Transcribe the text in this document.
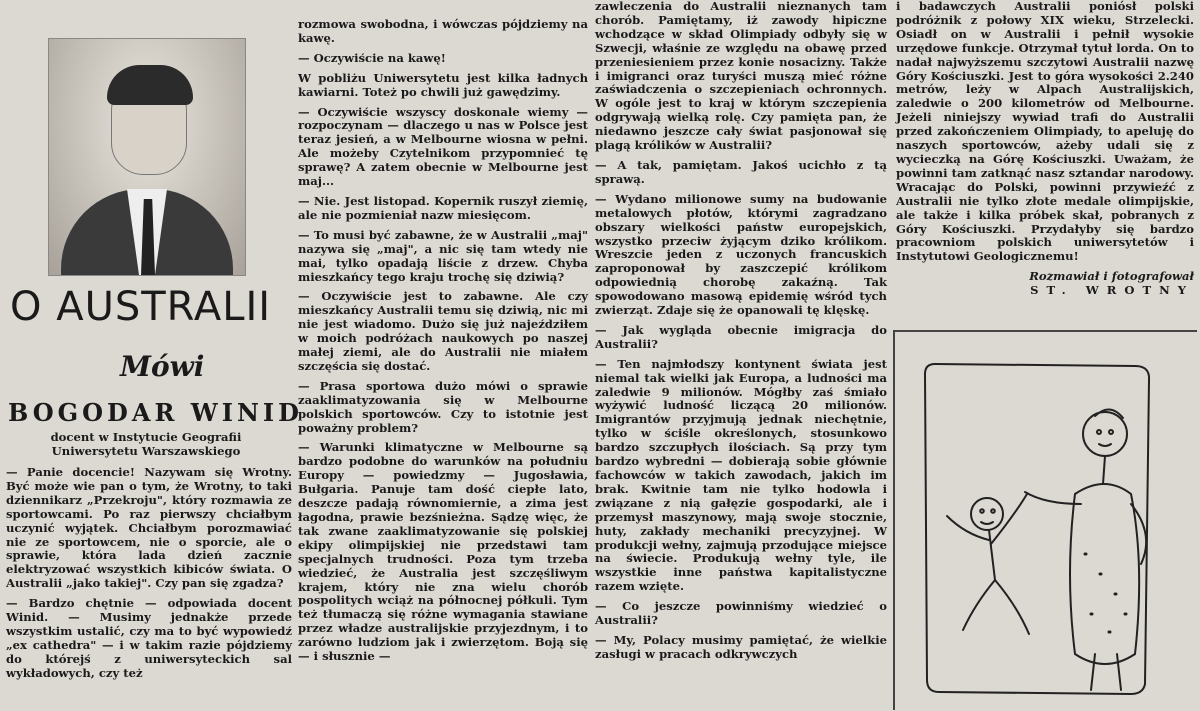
O AUSTRALII
Mówi
BOGODAR WINID
docent w Instytucie Geografii
Uniwersytetu Warszawskiego

— Panie docencie! Nazywam się Wrotny. Być może wie pan o tym, że Wrotny, to taki dziennikarz „Przekroju", który rozmawia ze sportowcami. Po raz pierwszy chciałbym uczynić wyjątek. Chciałbym porozmawiać nie ze sportowcem, nie o sporcie, ale o sprawie, która lada dzień zacznie elektryzować wszystkich kibiców świata. O Australii „jako takiej". Czy pan się zgadza?

— Bardzo chętnie — odpowiada docent Winid. — Musimy jednakże przede wszystkim ustalić, czy ma to być wypowiedź „ex cathedra" — i w takim razie pójdziemy do którejś z uniwersyteckich sal wykładowych, czy też

rozmowa swobodna, i wówczas pójdziemy na kawę.

— Oczywiście na kawę!

W pobliżu Uniwersytetu jest kilka ładnych kawiarni. Toteż po chwili już gawędzimy.

— Oczywiście wszyscy doskonale wiemy — rozpoczynam — dlaczego u nas w Polsce jest teraz jesień, a w Melbourne wiosna w pełni. Ale możeby Czytelnikom przypomnieć tę sprawę? A zatem obecnie w Melbourne jest maj...

— Nie. Jest listopad. Kopernik ruszył ziemię, ale nie pozmieniał nazw miesięcom.

— To musi być zabawne, że w Australii „maj" nazywa się „maj", a nic się tam wtedy nie mai, tylko opadają liście z drzew. Chyba mieszkańcy tego kraju trochę się dziwią?

— Oczywiście jest to zabawne. Ale czy mieszkańcy Australii temu się dziwią, nic mi nie jest wiadomo. Dużo się już najeździłem w moich podróżach naukowych po naszej małej ziemi, ale do Australii nie miałem szczęścia się dostać.

— Prasa sportowa dużo mówi o sprawie zaaklimatyzowania się w Melbourne polskich sportowców. Czy to istotnie jest poważny problem?

— Warunki klimatyczne w Melbourne są bardzo podobne do warunków na południu Europy — powiedzmy — Jugosławia, Bułgaria. Panuje tam dość ciepłe lato, deszcze padają równomiernie, a zima jest łagodna, prawie bezśnieżna. Sądzę więc, że tak zwane zaaklimatyzowanie się polskiej ekipy olimpijskiej nie przedstawi tam specjalnych trudności. Poza tym trzeba wiedzieć, że Australia jest szczęśliwym krajem, który nie zna wielu chorób pospolitych wciąż na północnej półkuli. Tym też tłumaczą się różne wymagania stawiane przez władze australijskie przyjezdnym, i to zarówno ludziom jak i zwierzętom. Boją się — i słusznie —

zawleczenia do Australii nieznanych tam chorób. Pamiętamy, iż zawody hipiczne wchodzące w skład Olimpiady odbyły się w Szwecji, właśnie ze względu na obawę przed przeniesieniem przez konie nosacizny. Także i imigranci oraz turyści muszą mieć różne zaświadczenia o szczepieniach ochronnych. W ogóle jest to kraj w którym szczepienia odgrywają wielką rolę. Czy pamięta pan, że niedawno jeszcze cały świat pasjonował się plagą królików w Australii?

— A tak, pamiętam. Jakoś ucichło z tą sprawą.

— Wydano milionowe sumy na budowanie metalowych płotów, którymi zagradzano obszary wielkości państw europejskich, wszystko przeciw żyjącym dziko królikom. Wreszcie jeden z uczonych francuskich zaproponował by zaszczepić królikom odpowiednią chorobę zakaźną. Tak spowodowano masową epidemię wśród tych zwierząt. Zdaje się że opanowali tę klęskę.

— Jak wygląda obecnie imigracja do Australii?

— Ten najmłodszy kontynent świata jest niemal tak wielki jak Europa, a ludności ma zaledwie 9 milionów. Mógłby zaś śmiało wyżywić ludność liczącą 20 milionów. Imigrantów przyjmują jednak niechętnie, tylko w ściśle określonych, stosunkowo bardzo szczupłych ilościach. Są przy tym bardzo wybredni — dobierają sobie głównie fachowców w takich zawodach, jakich im brak. Kwitnie tam nie tylko hodowla i związane z nią gałęzie gospodarki, ale i przemysł maszynowy, mają swoje stocznie, huty, zakłady mechaniki precyzyjnej. W produkcji wełny, zajmują przodujące miejsce na świecie. Produkują wełny tyle, ile wszystkie inne państwa kapitalistyczne razem wzięte.

— Co jeszcze powinniśmy wiedzieć o Australii?

— My, Polacy musimy pamiętać, że wielkie zasługi w pracach odkrywczych

i badawczych Australii poniósł polski podróżnik z połowy XIX wieku, Strzelecki. Osiadł on w Australii i pełnił wysokie urzędowe funkcje. Otrzymał tytuł lorda. On to nadał najwyższemu szczytowi Australii nazwę Góry Kościuszki. Jest to góra wysokości 2.240 metrów, leży w Alpach Australijskich, zaledwie o 200 kilometrów od Melbourne. Jeżeli niniejszy wywiad trafi do Australii przed zakończeniem Olimpiady, to apeluję do naszych sportowców, ażeby udali się z wycieczką na Górę Kościuszki. Uważam, że powinni tam zatknąć nasz sztandar narodowy. Wracając do Polski, powinni przywieźć z Australii nie tylko złote medale olimpijskie, ale także i kilka próbek skał, pobranych z Góry Kościuszki. Przydałyby się bardzo pracowniom polskich uniwersytetów i Instytutowi Geologicznemu!

Rozmawiał i fotografował
ST. WROTNY
